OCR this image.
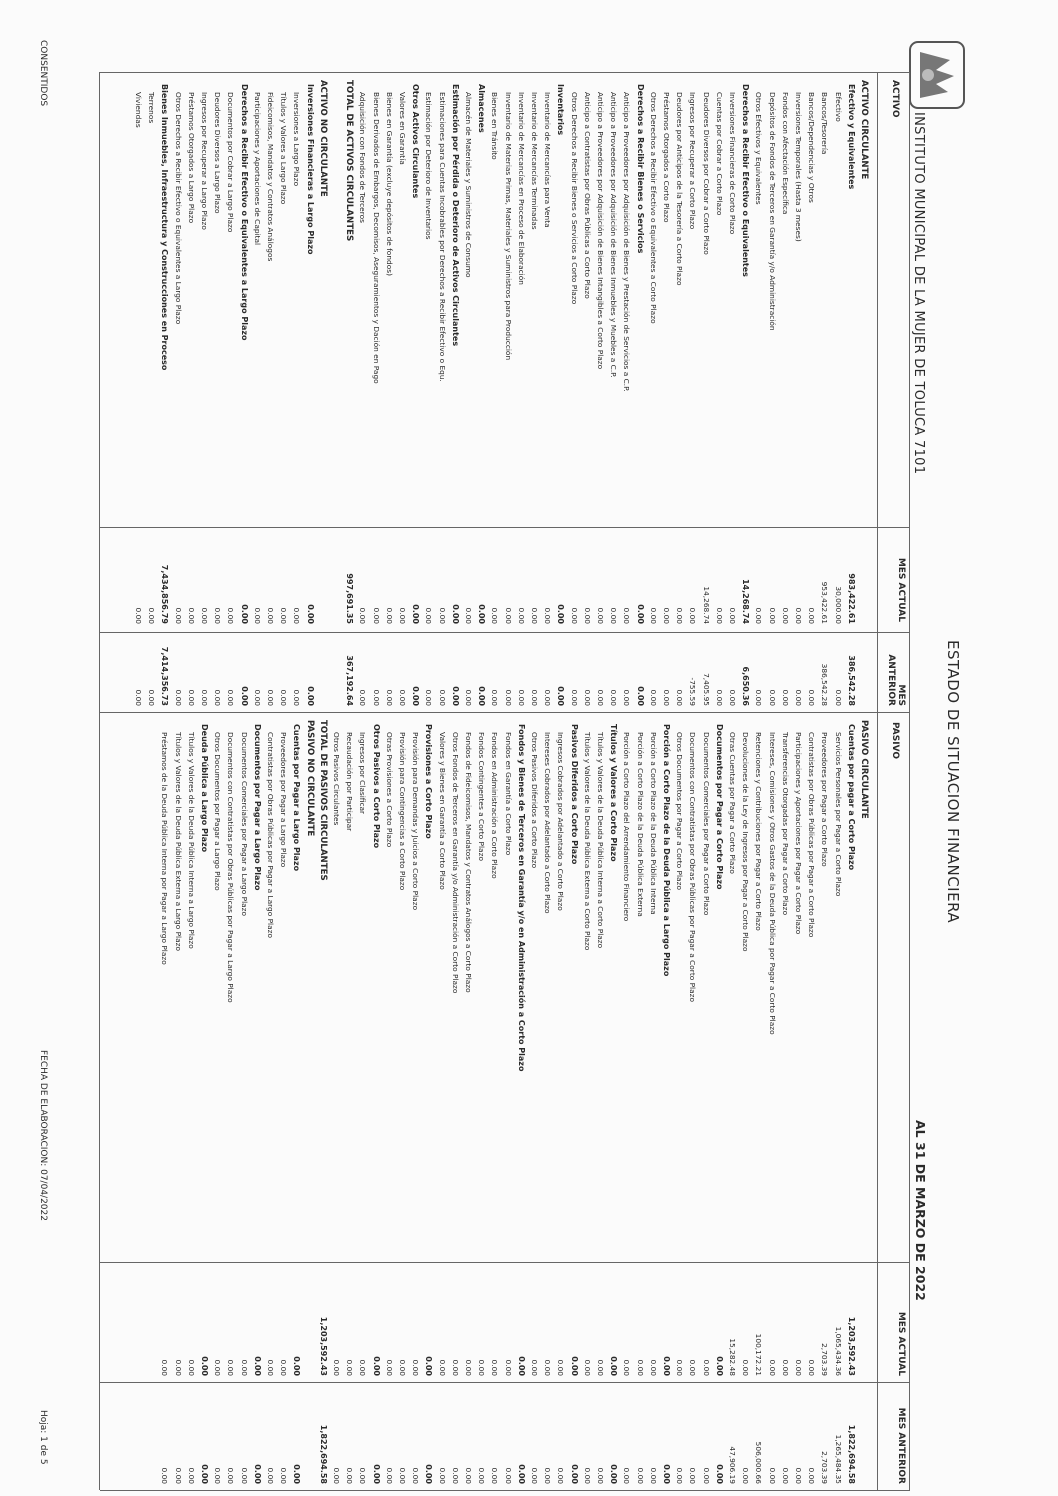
INSTITUTO MUNICIPAL DE LA MUJER DE TOLUCA 7101
ESTADO DE SITUACION FINANCIERA
AL 31 DE MARZO DE 2022
ACTIVO
MES ACTUAL
MES ANTERIOR
PASIVO
MES ACTUAL
MES ANTERIOR
ACTIVO CIRCULANTE
Efectivo y Equivalentes
983,422.61
386,542.28
Efectivo
30,000.00
0.00
Bancos/Tesorería
953,422.61
386,542.28
Bancos/Dependencias y Otros
0.00
0.00
Inversiones Temporales (Hasta 3 meses)
0.00
0.00
Fondos con Afectación Específica
0.00
0.00
Depósitos de Fondos de Terceros en Garantía y/o Administración
0.00
0.00
Otros Efectivos y Equivalentes
0.00
0.00
Derechos a Recibir Efectivo o Equivalentes
14,268.74
6,650.36
Inversiones Financieras de Corto Plazo
0.00
0.00
Cuentas por Cobrar a Corto Plazo
0.00
0.00
Deudores Diversos por Cobrar a Corto Plazo
14,268.74
7,405.95
Ingresos por Recuperar a Corto Plazo
0.00
-755.59
Deudores por Anticipos de la Tesorería a Corto Plazo
0.00
0.00
Préstamos Otorgados a Corto Plazo
0.00
0.00
Otros Derechos a Recibir Efectivo o Equivalentes a Corto Plazo
0.00
0.00
Derechos a Recibir Bienes o Servicios
0.00
0.00
Anticipo a Proveedores por Adquisición de Bienes y Prestación de Servicios a C.P.
0.00
0.00
Anticipo a Proveedores por Adquisición de Bienes Inmuebles y Muebles a C.P.
0.00
0.00
Anticipo a Proveedores por Adquisición de Bienes Intangibles a Corto Plazo
0.00
0.00
Anticipo a Contratistas por Obras Públicas a Corto Plazo
0.00
0.00
Otros Derechos a Recibir Bienes o Servicios a Corto Plazo
0.00
0.00
Inventarios
0.00
0.00
Inventario de Mercancías para Venta
0.00
0.00
Inventario de Mercancías Terminadas
0.00
0.00
Inventario de Mercancías en Proceso de Elaboración
0.00
0.00
Inventario de Materias Primas, Materiales y Suministros para Producción
0.00
0.00
Bienes en Tránsito
0.00
0.00
Almacenes
0.00
0.00
Almacén de Materiales y Suministros de Consumo
0.00
0.00
Estimación por Pérdida o Deterioro de Activos Circulantes
0.00
0.00
Estimaciones para Cuentas Incobrables por Derechos a Recibir Efectivo o Equ.
0.00
0.00
Estimación por Deterioro de Inventarios
0.00
0.00
Otros Activos Circulantes
0.00
0.00
Valores en Garantía
0.00
0.00
Bienes en Garantía (excluye depósitos de fondos)
0.00
0.00
Bienes Derivados de Embargos, Decomisos, Aseguramientos y Dación en Pago
0.00
0.00
Adquisición con Fondos de Terceros
0.00
0.00
TOTAL DE ACTIVOS CIRCULANTES
997,691.35
367,192.64
ACTIVO NO CIRCULANTE
Inversiones Financieras a Largo Plazo
0.00
0.00
Inversiones a Largo Plazo
0.00
0.00
Títulos y Valores a Largo Plazo
0.00
0.00
Fideicomisos, Mandatos y Contratos Análogos
0.00
0.00
Participaciones y Aportaciones de Capital
0.00
0.00
Derechos a Recibir Efectivo o Equivalentes a Largo Plazo
0.00
0.00
Documentos por Cobrar a Largo Plazo
0.00
0.00
Deudores Diversos a Largo Plazo
0.00
0.00
Ingresos por Recuperar a Largo Plazo
0.00
0.00
Préstamos Otorgados a Largo Plazo
0.00
0.00
Otros Derechos a Recibir Efectivo o Equivalentes a Largo Plazo
0.00
0.00
Bienes Inmuebles, Infraestructura y Construcciones en Proceso
7,434,856.79
7,414,356.73
Terrenos
0.00
0.00
Viviendas
0.00
0.00
PASIVO CIRCULANTE
Cuentas por pagar a Corto Plazo
1,203,592.43
1,822,694.58
Servicios Personales por Pagar a Corto Plazo
1,065,434.36
1,265,484.35
Proveedores por Pagar a Corto Plazo
2,703.39
2,703.39
Contratistas por Obras Públicas por Pagar a Corto Plazo
0.00
0.00
Participaciones y Aportaciones por Pagar a Corto Plazo
0.00
0.00
Transferencias Otorgadas por Pagar a Corto Plazo
0.00
0.00
Intereses, Comisiones y Otros Gastos de la Deuda Pública por Pagar a Corto Plazo
0.00
0.00
Retenciones y Contribuciones por Pagar a Corto Plazo
100,172.21
506,000.66
Devoluciones de la Ley de Ingresos por Pagar a Corto Plazo
0.00
0.00
Otras Cuentas por Pagar a Corto Plazo
15,282.48
47,906.19
Documentos por Pagar a Corto Plazo
0.00
0.00
Documentos Comerciales por Pagar a Corto Plazo
0.00
0.00
Documentos con Contratistas por Obras Públicas por Pagar a Corto Plazo
0.00
0.00
Otros Documentos por Pagar a Corto Plazo
0.00
0.00
Porción a Corto Plazo de la Deuda Pública a Largo Plazo
0.00
0.00
Porción a Corto Plazo de la Deuda Pública Interna
0.00
0.00
Porción a Corto Plazo de la Deuda Pública Externa
0.00
0.00
Porción a Corto Plazo del Arrendamiento Financiero
0.00
0.00
Títulos y Valores a Corto Plazo
0.00
0.00
Títulos y Valores de la Deuda Pública Interna a Corto Plazo
0.00
0.00
Títulos y Valores de la Deuda Pública Externa a Corto Plazo
0.00
0.00
Pasivos Diferidos a Corto Plazo
0.00
0.00
Ingresos Cobrados por Adelantado a Corto Plazo
0.00
0.00
Intereses Cobrados por Adelantado a Corto Plazo
0.00
0.00
Otros Pasivos Diferidos a Corto Plazo
0.00
0.00
Fondos y Bienes de Terceros en Garantía y/o en Administración a Corto Plazo
0.00
0.00
Fondos en Garantía a Corto Plazo
0.00
0.00
Fondos en Administración a Corto Plazo
0.00
0.00
Fondos Contingentes a Corto Plazo
0.00
0.00
Fondos de Fideicomisos, Mandatos y Contratos Análogos a Corto Plazo
0.00
0.00
Otros Fondos de Terceros en Garantía y/o Administración a Corto Plazo
0.00
0.00
Valores y Bienes en Garantía a Corto Plazo
0.00
0.00
Provisiones a Corto Plazo
0.00
0.00
Provisión para Demandas y Juicios a Corto Plazo
0.00
0.00
Provisión para Contingencias a Corto Plazo
0.00
0.00
Otras Provisiones a Corto Plazo
0.00
0.00
Otros Pasivos a Corto Plazo
0.00
0.00
Ingresos por Clasificar
0.00
0.00
Recaudación por Participar
0.00
0.00
Otros Pasivos Circulantes
0.00
0.00
TOTAL DE PASIVOS CIRCULANTES
1,203,592.43
1,822,694.58
PASIVO NO CIRCULANTE
Cuentas por Pagar a Largo Plazo
0.00
0.00
Proveedores por Pagar a Largo Plazo
0.00
0.00
Contratistas por Obras Públicas por Pagar a Largo Plazo
0.00
0.00
Documentos por Pagar a Largo Plazo
0.00
0.00
Documentos Comerciales por Pagar a Largo Plazo
0.00
0.00
Documentos con Contratistas por Obras Públicas por Pagar a Largo Plazo
0.00
0.00
Otros Documentos por Pagar a Largo Plazo
0.00
0.00
Deuda Pública a Largo Plazo
0.00
0.00
Títulos y Valores de la Deuda Pública Interna a Largo Plazo
0.00
0.00
Títulos y Valores de la Deuda Pública Externa a Largo Plazo
0.00
0.00
Préstamos de la Deuda Pública Interna por Pagar a Largo Plazo
0.00
0.00
CONSENTIDOS
FECHA DE ELABORACION: 07/04/2022
Hoja: 1 de 5
